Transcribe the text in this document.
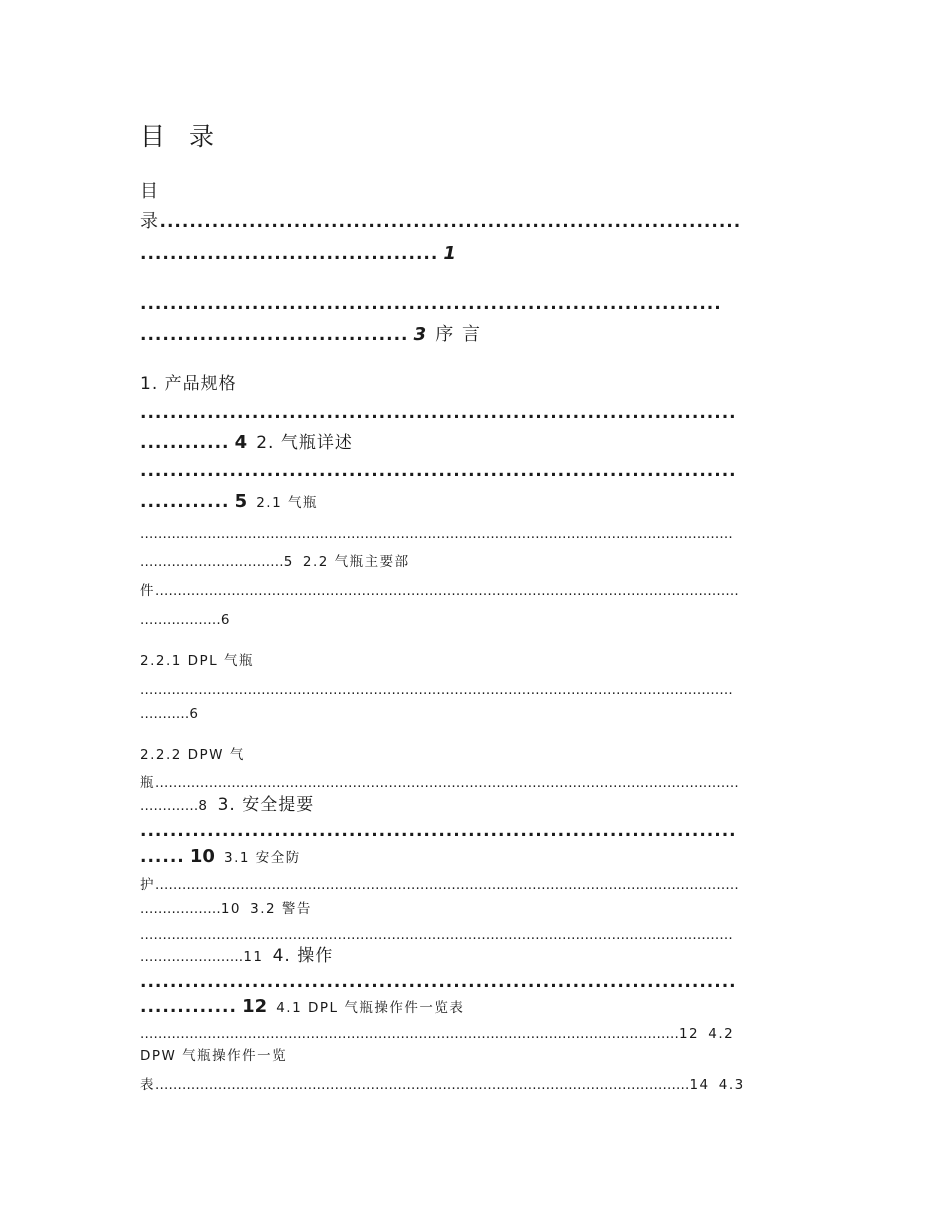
目 录
目
录..............................................................................
........................................ 1
..............................................................................
.................................... 3 序 言
1. 产品规格
................................................................................
............ 4 2. 气瓶详述
................................................................................
............ 5 2.1 气瓶
....................................................................................................................................
................................5 2.2 气瓶主要部
件..................................................................................................................................
..................6
2.2.1 DPL 气瓶
....................................................................................................................................
...........6
2.2.2 DPW 气
瓶..................................................................................................................................
.............8 3. 安全提要
................................................................................
...... 10 3.1 安全防
护..................................................................................................................................
..................10 3.2 警告
....................................................................................................................................
.......................11 4. 操作
................................................................................
............. 12 4.1 DPL 气瓶操作件一览表
........................................................................................................................12 4.2
DPW 气瓶操作件一览
表.......................................................................................................................14 4.3
